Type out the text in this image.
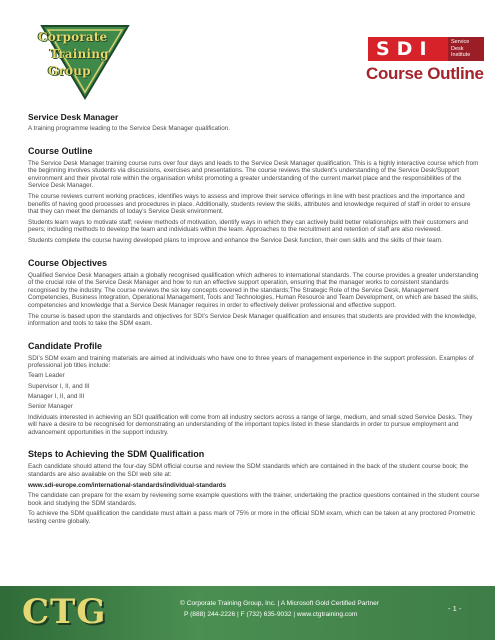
Corporate
Training
Group
SDI	Service
Desk
Institute
Course Outline
Service Desk Manager
A training programme leading to the Service Desk Manager qualification.
Course Outline
The Service Desk Manager training course runs over four days and leads to the Service Desk Manager qualification. This is a highly interactive course which from the beginning involves students via discussions, exercises and presentations. The course reviews the student’s understanding of the Service Desk/Support environment and their pivotal role within the organisation whilst promoting a greater understanding of the current market place and the responsibilities of the Service Desk Manager.
The course reviews current working practices, identifies ways to assess and improve their service offerings in line with best practices and the importance and benefits of having good processes and procedures in place. Additionally, students review the skills, attributes and knowledge required of staff in order to ensure that they can meet the demands of today’s Service Desk environment.
Students learn ways to motivate staff; review methods of motivation, identify ways in which they can actively build better relationships with their customers and peers; including methods to develop the team and individuals within the team. Approaches to the recruitment and retention of staff are also reviewed.
Students complete the course having developed plans to improve and enhance the Service Desk function, their own skills and the skills of their team.
Course Objectives
Qualified Service Desk Managers attain a globally recognised qualification which adheres to international standards. The course provides a greater understanding of the crucial role of the Service Desk Manager and how to run an effective support operation, ensuring that the manager works to consistent standards recognised by the industry. The course reviews the six key concepts covered in the standards;The Strategic Role of the Service Desk, Management Competencies, Business Integration, Operational Management, Tools and Technologies, Human Resource and Team Development, on which are based the skills, competencies and knowledge that a Service Desk Manager requires in order to effectively deliver professional and effective support.
The course is based upon the standards and objectives for SDI’s Service Desk Manager qualification and ensures that students are provided with the knowledge, information and tools to take the SDM exam.
Candidate Profile
SDI’s SDM exam and training materials are aimed at individuals who have one to three years of management experience in the support profession. Examples of professional job titles include:
Team Leader
Supervisor I, II, and III
Manager I, II, and III
Senior Manager
Individuals interested in achieving an SDI qualification will come from all industry sectors across a range of large, medium, and small sized Service Desks. They will have a desire to be recognised for demonstrating an understanding of the important topics listed in these standards in order to pursue employment and advancement opportunities in the support industry.
Steps to Achieving the SDM Qualification
Each candidate should attend the four-day SDM official course and review the SDM standards which are contained in the back of the student course book; the standards are also available on the SDI web site at:
www.sdi-europe.com/international-standards/individual-standards
The candidate can prepare for the exam by reviewing some example questions with the trainer, undertaking the practice questions contained in the student course book and studying the SDM standards.
To achieve the SDM qualification the candidate must attain a pass mark of 75% or more in the official SDM exam, which can be taken at any proctored Prometric testing centre globally.
CTG	© Corporate Training Group, Inc. | A Microsoft Gold Certified Partner
P (888) 244-2226 | F (732) 635-9032 | www.ctgtraining.com
- 1 -
